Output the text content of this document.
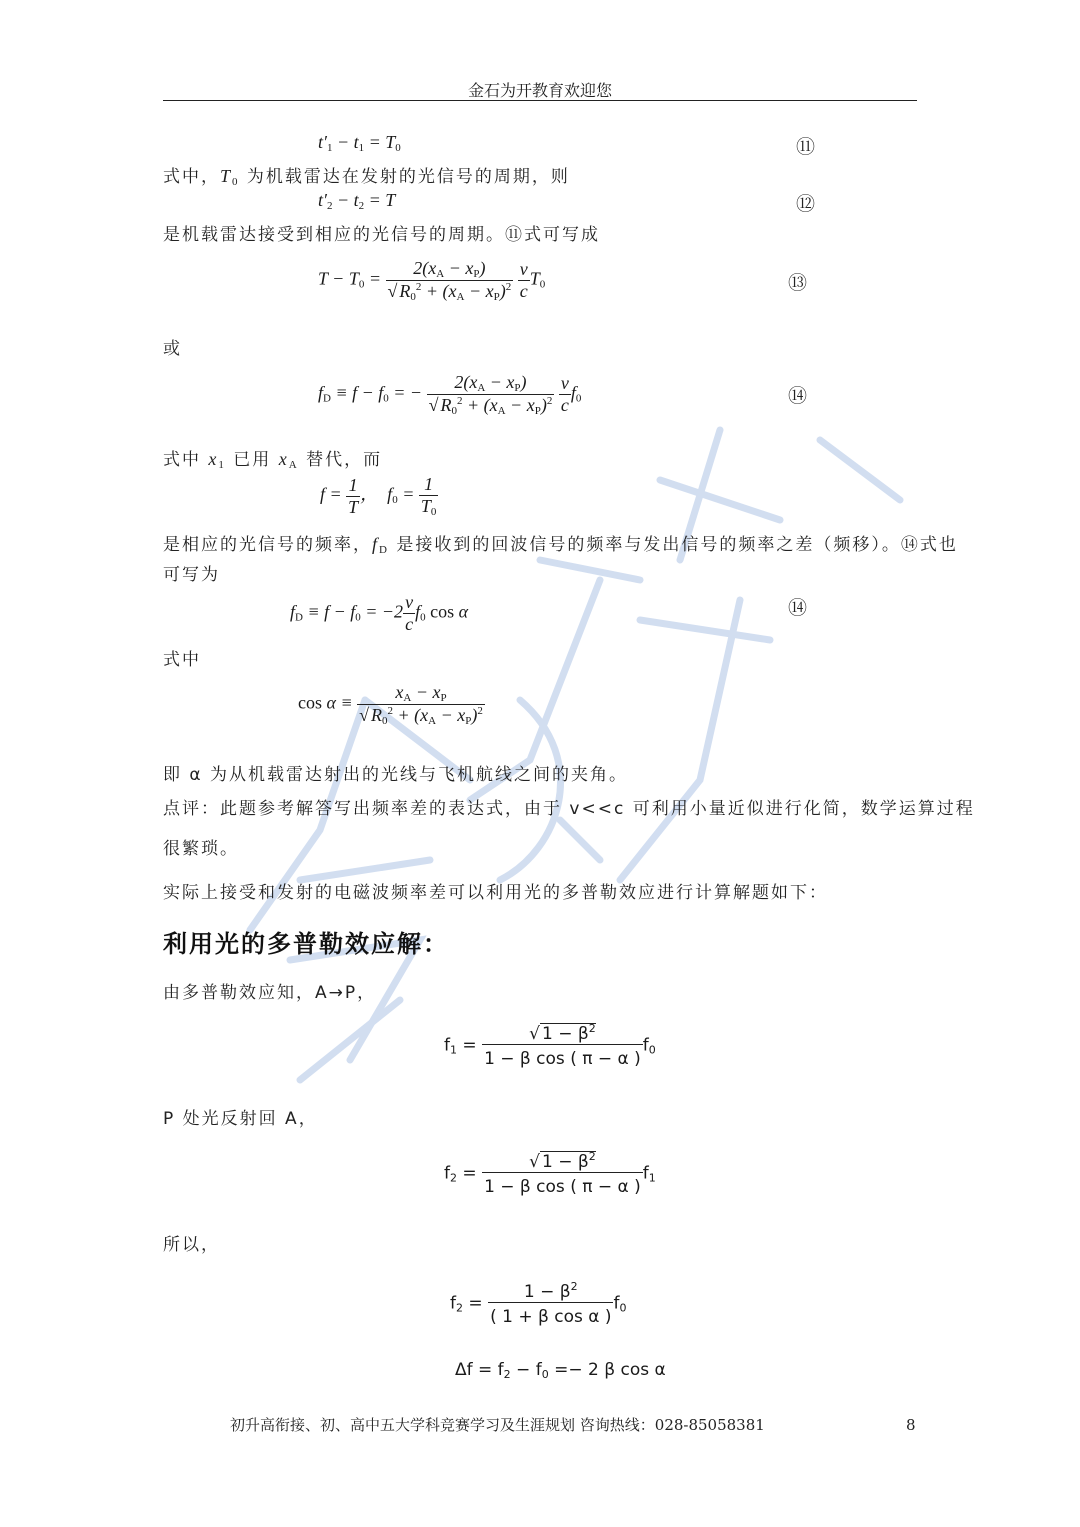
金石为开教育欢迎您
$t'_1 - t_1 = T_0$	⑪
式中，$T_0$ 为机载雷达在发射的光信号的周期，则
$t'_2 - t_2 = T$	⑫
是机载雷达接受到相应的光信号的周期。⑪式可写成
$T - T_0 = \frac{2(x_A - x_P)}{√ R_0^2 + (x_A - x_P)^2}$
$\frac{v}{c} T_0$	⑬
或
$f_D \equiv f - f_0$ = − $\frac{2(x_A - x_P)}{√ R_0^2 + (x_A - x_P)^2}$
$\frac{v}{c} f_0$	⑭
式中 $x_1$ 已用 $x_A$ 替代，而
$f = \frac{1}{T}$ ，  $f_0 = \frac{1}{T_0}$
是相应的光信号的频率，$f_D$ 是接收到的回波信号的频率与发出信号的频率之差（频移）。⑭式也
可写为
$f_D \equiv f - f_0 = -2 \frac{v}{c} f_0$ cos α	⑭
式中
$\cos \alpha \equiv \frac{x_A - x_P}{√ R_0^2 + (x_A - x_P)^2}$
即 α 为从机载雷达射出的光线与飞机航线之间的夹角。
点评：此题参考解答写出频率差的表达式，由于 v<<c 可利用小量近似进行化简，数学运算过程
很繁琐。
实际上接受和发射的电磁波频率差可以利用光的多普勒效应进行计算解题如下：
利用光的多普勒效应解：
由多普勒效应知，A→P，
$f_1 = \frac{√ 1 - \beta^2}{\text{1 − β cos ( π − α )}} f_0$
P 处光反射回 A，
$f_2 = \frac{√ 1 - \beta^2}{\text{1 − β cos ( π − α )}} f_1$
所以，
$f_2 = \frac{1 - \beta^2}{\text{( 1 + β cos α )}} f_0$
$\Delta f = f_2 - f_0 =- 2$ β cos α
初升高衔接、初、高中五大学科竞赛学习及生涯规划 咨询热线：028-85058381	8
